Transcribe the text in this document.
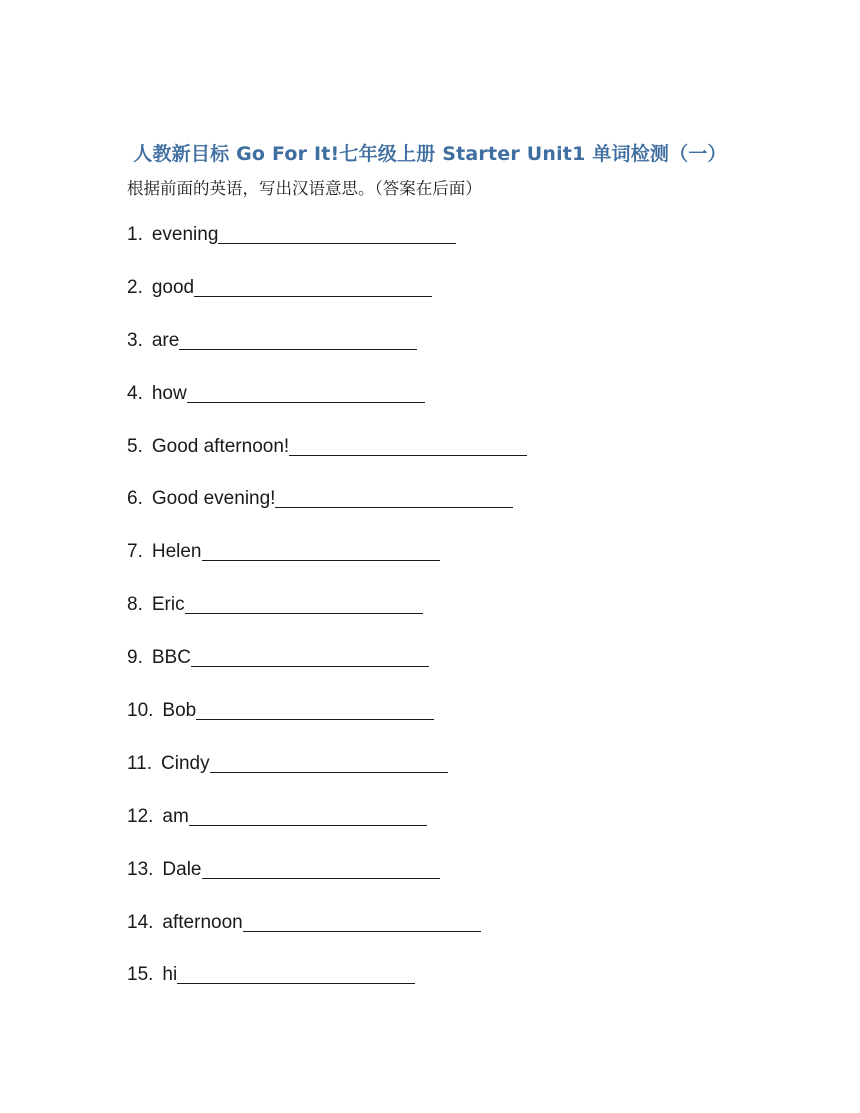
人教新目标 Go For It!七年级上册 Starter Unit1 单词检测（一）
根据前面的英语，写出汉语意思。（答案在后面）
1. evening
2. good
3. are
4. how
5. Good afternoon!
6. Good evening!
7. Helen
8. Eric
9. BBC
10. Bob
11. Cindy
12. am
13. Dale
14. afternoon
15. hi
